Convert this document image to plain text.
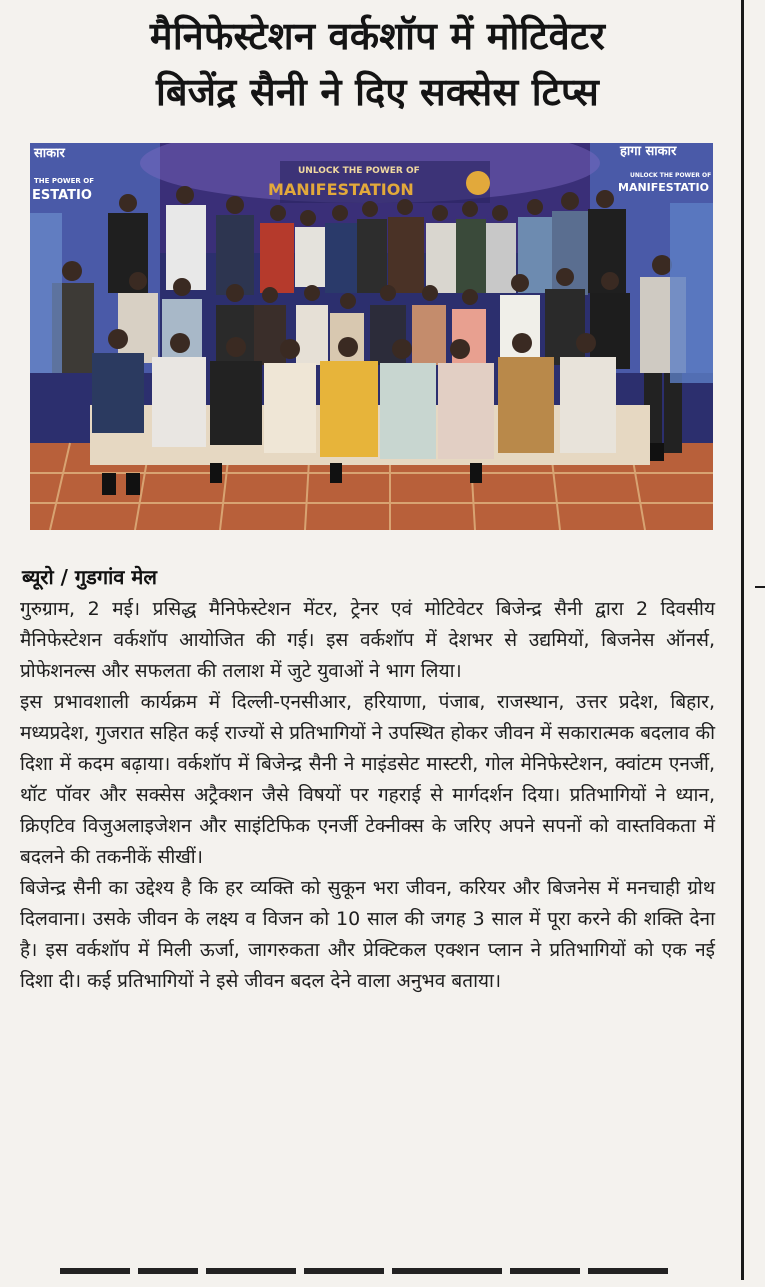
मैनिफेस्टेशन वर्कशॉप में मोटिवेटर
बिजेंद्र सैनी ने दिए सक्सेस टिप्स
साकार
THE POWER OF
ESTATIO
UNLOCK THE POWER OF
MANIFESTATION
हागा साकार
UNLOCK THE POWER OF
MANIFESTATIO
ब्यूरो / गुडगांव मेल

गुरुग्राम, 2 मई। प्रसिद्ध मैनिफेस्टेशन मेंटर, ट्रेनर एवं मोटिवेटर बिजेन्द्र सैनी द्वारा 2 दिवसीय मैनिफेस्टेशन वर्कशॉप आयोजित की गई। इस वर्कशॉप में देशभर से उद्यमियों, बिजनेस ऑनर्स, प्रोफेशनल्स और सफलता की तलाश में जुटे युवाओं ने भाग लिया।

इस प्रभावशाली कार्यक्रम में दिल्ली-एनसीआर, हरियाणा, पंजाब, राजस्थान, उत्तर प्रदेश, बिहार, मध्यप्रदेश, गुजरात सहित कई राज्यों से प्रतिभागियों ने उपस्थित होकर जीवन में सकारात्मक बदलाव की दिशा में कदम बढ़ाया। वर्कशॉप में बिजेन्द्र सैनी ने माइंडसेट मास्टरी, गोल मेनिफेस्टेशन, क्वांटम एनर्जी, थॉट पॉवर और सक्सेस अट्रैक्शन जैसे विषयों पर गहराई से मार्गदर्शन दिया। प्रतिभागियों ने ध्यान, क्रिएटिव विजुअलाइजेशन और साइंटिफिक एनर्जी टेक्नीक्स के जरिए अपने सपनों को वास्तविकता में बदलने की तकनीकें सीखीं।

बिजेन्द्र सैनी का उद्देश्य है कि हर व्यक्ति को सुकून भरा जीवन, करियर और बिजनेस में मनचाही ग्रोथ दिलवाना। उसके जीवन के लक्ष्य व विजन को 10 साल की जगह 3 साल में पूरा करने की शक्ति देना है। इस वर्कशॉप में मिली ऊर्जा, जागरुकता और प्रेक्टिकल एक्शन प्लान ने प्रतिभागियों को एक नई दिशा दी। कई प्रतिभागियों ने इसे जीवन बदल देने वाला अनुभव बताया।
